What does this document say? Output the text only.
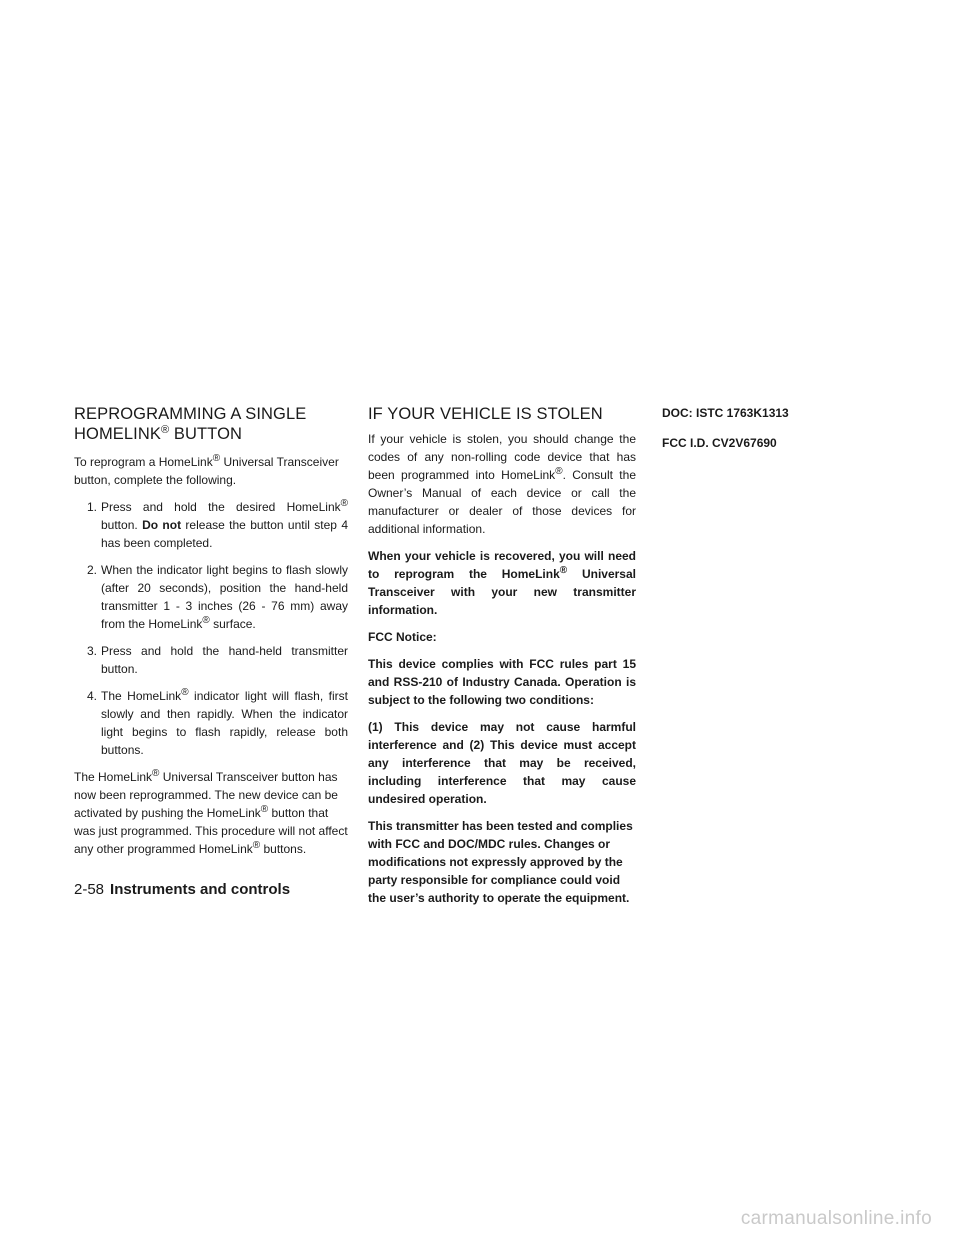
REPROGRAMMING A SINGLE
HOMELINK® BUTTON

To reprogram a HomeLink® Universal Transceiver button, complete the following.

1. Press and hold the desired HomeLink® button. Do not release the button until step 4 has been completed.
2. When the indicator light begins to flash slowly (after 20 seconds), position the hand-held transmitter 1 - 3 inches (26 - 76 mm) away from the HomeLink® surface.
3. Press and hold the hand-held transmitter button.
4. The HomeLink® indicator light will flash, first slowly and then rapidly. When the indicator light begins to flash rapidly, release both buttons.

The HomeLink® Universal Transceiver button has now been reprogrammed. The new device can be activated by pushing the HomeLink® button that was just programmed. This procedure will not affect any other programmed HomeLink® buttons.

IF YOUR VEHICLE IS STOLEN

If your vehicle is stolen, you should change the codes of any non-rolling code device that has been programmed into HomeLink®. Consult the Owner’s Manual of each device or call the manufacturer or dealer of those devices for additional information.

When your vehicle is recovered, you will need to reprogram the HomeLink® Universal Transceiver with your new transmitter information.

FCC Notice:

This device complies with FCC rules part 15 and RSS-210 of Industry Canada. Operation is subject to the following two conditions:

(1) This device may not cause harmful interference and (2) This device must accept any interference that may be received, including interference that may cause undesired operation.

This transmitter has been tested and complies with FCC and DOC/MDC rules. Changes or modifications not expressly approved by the party responsible for compliance could void the user’s authority to operate the equipment.

DOC: ISTC 1763K1313

FCC I.D. CV2V67690

2-58 Instruments and controls
carmanualsonline.info
